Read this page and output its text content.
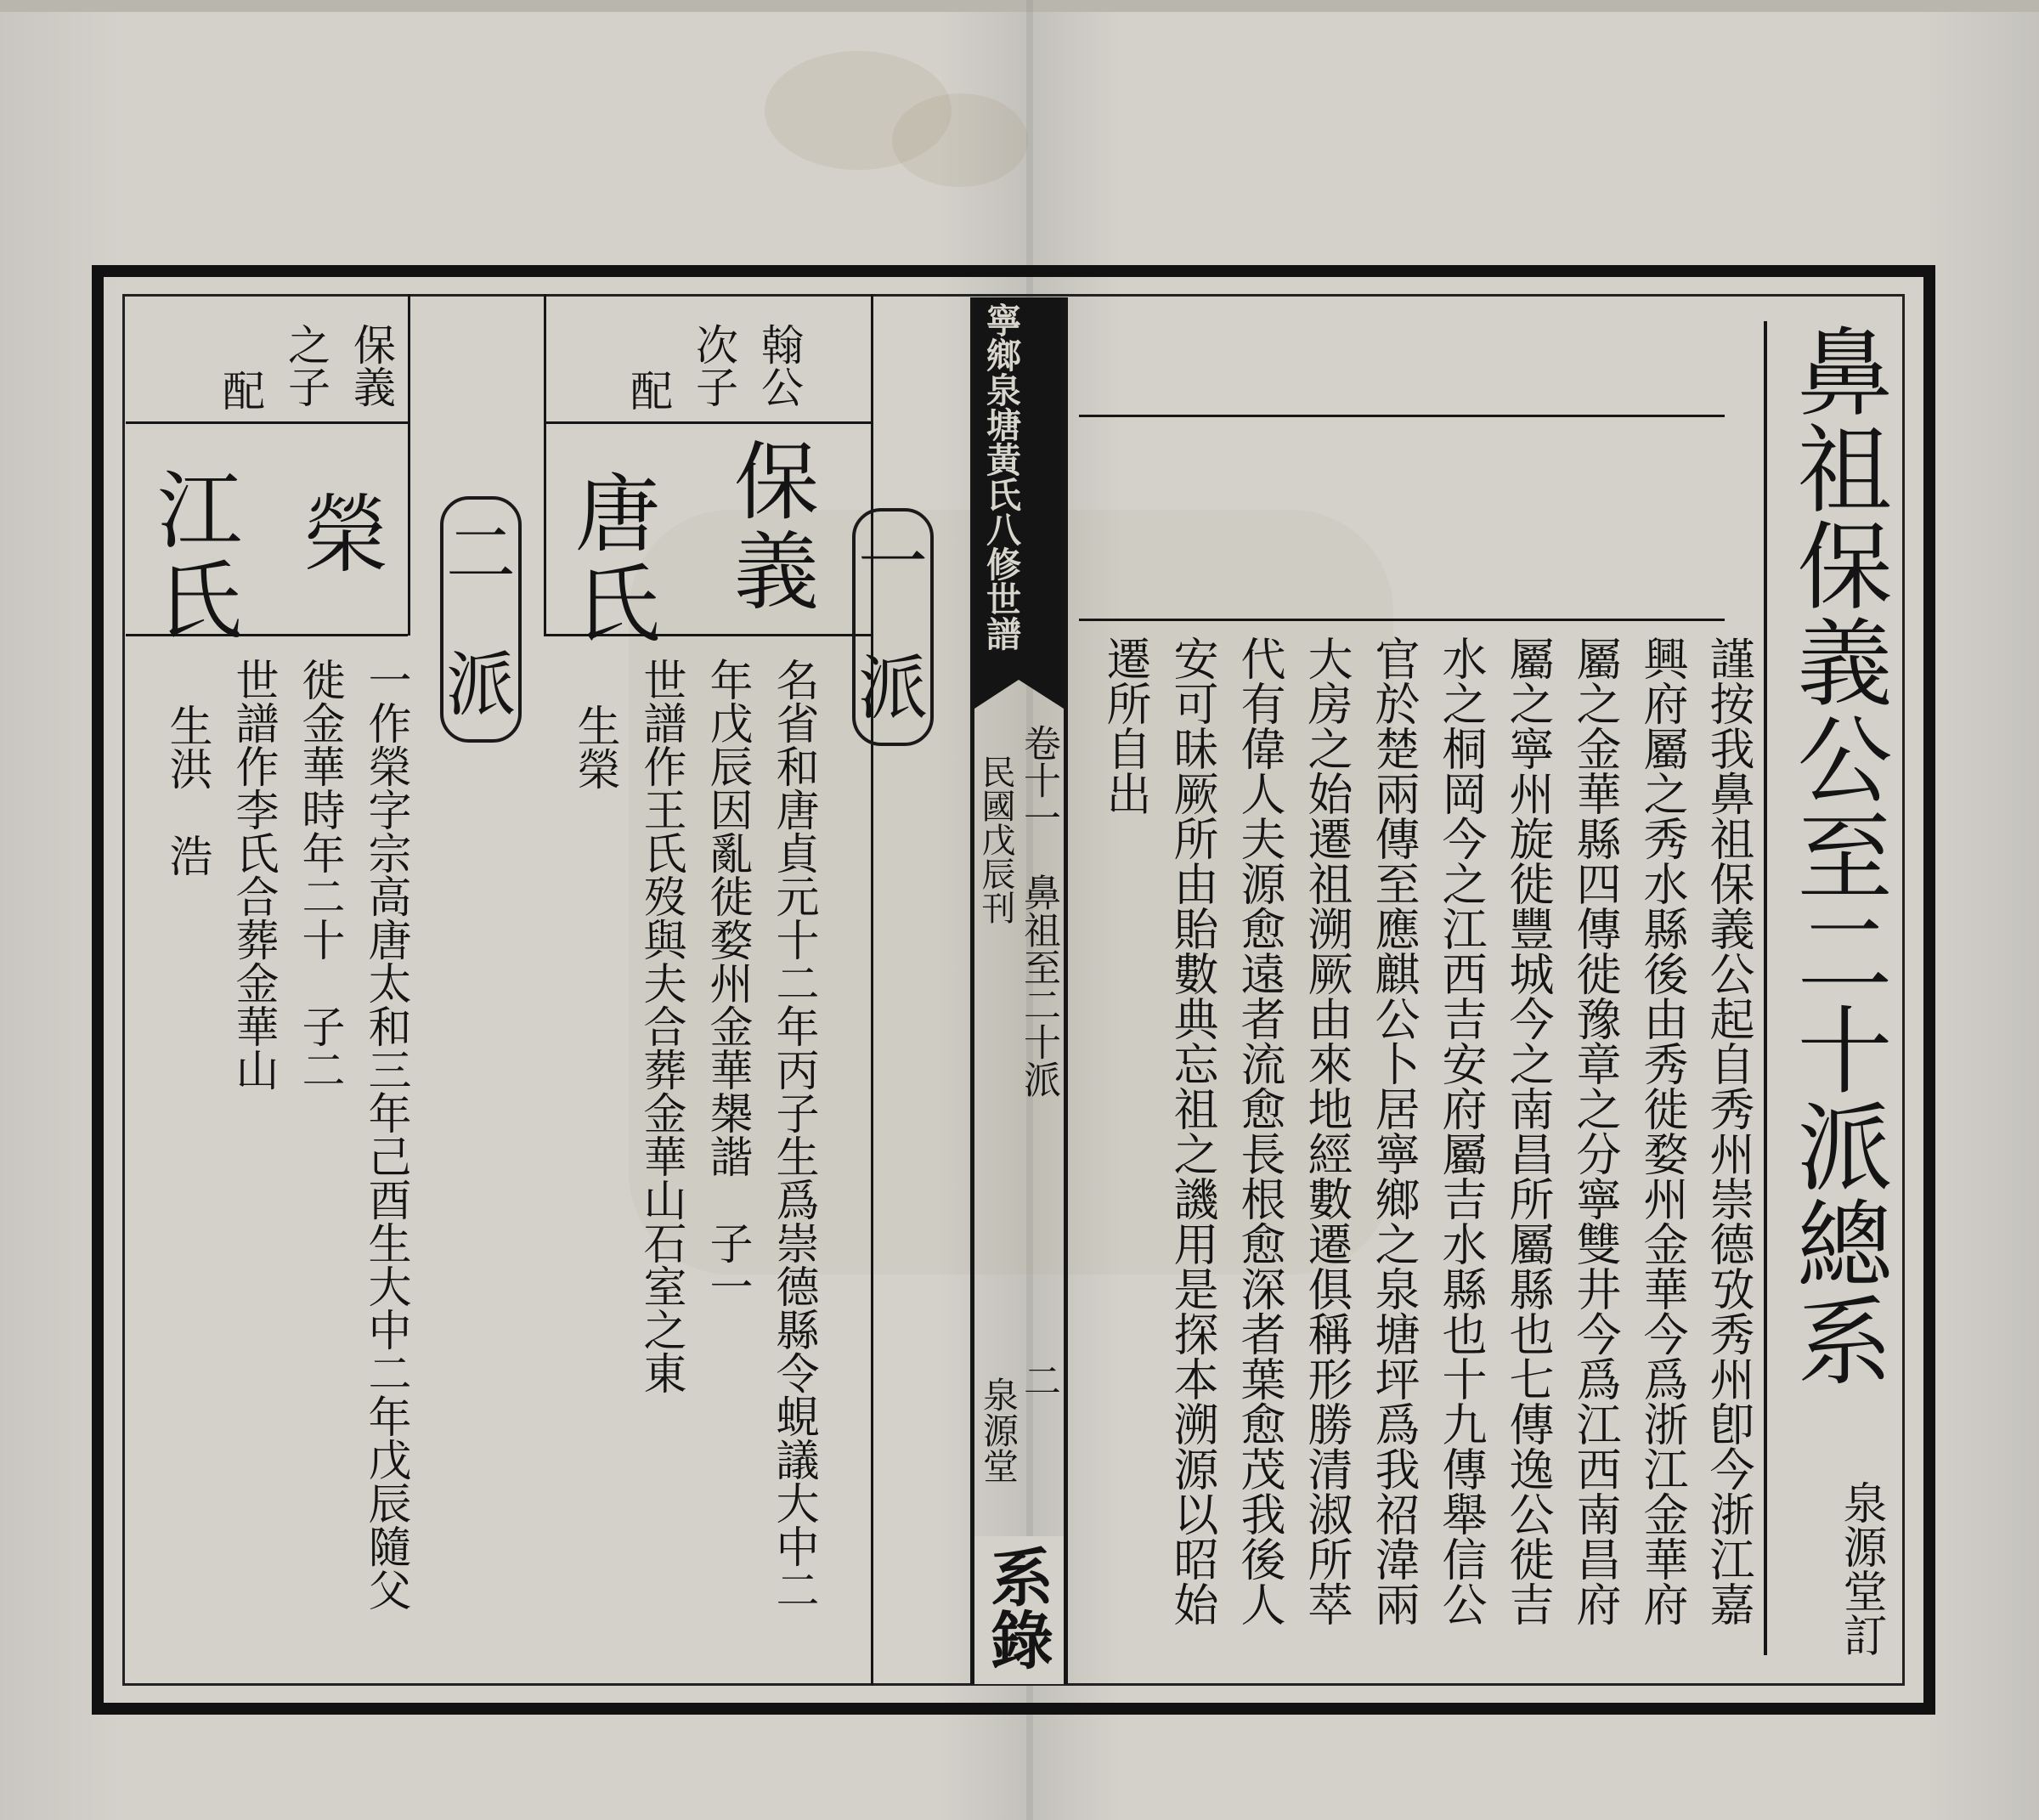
鼻祖保義公至二十派總系
泉源堂訂
謹按我鼻祖保義公起自秀州崇德攷秀州卽今浙江嘉
興府屬之秀水縣後由秀徙婺州金華今爲浙江金華府
屬之金華縣四傳徙豫章之分寧雙井今爲江西南昌府
屬之寧州旋徙豐城今之南昌所屬縣也七傳逸公徙吉
水之桐岡今之江西吉安府屬吉水縣也十九傳舉信公
官於楚兩傳至應麒公卜居寧鄉之泉塘坪爲我祒湋兩
大房之始遷祖溯厥由來地經數遷俱稱形勝清淑所萃
代有偉人夫源愈遠者流愈長根愈深者葉愈茂我後人
安可昧厥所由貽數典忘祖之譏用是探本溯源以昭始
遷所自出
寧鄉泉塘黃氏八修世譜
卷十一
鼻祖至二十派
二
民國戊辰刊
泉源堂
系錄
翰公
次子
配
保義
唐氏	一
派
名省和唐貞元十二年丙子生爲崇德縣令蜆議大中二
年戊辰因亂徙婺州金華槼諧　子一
世譜作王氏歿與夫合葬金華山石室之東
生榮
保義
之子
配
榮
江氏	二
派
一作榮字宗高唐太和三年己酉生大中二年戊辰隨父
徙金華時年二十　子二
世譜作李氏合葬金華山
生洪　浩
